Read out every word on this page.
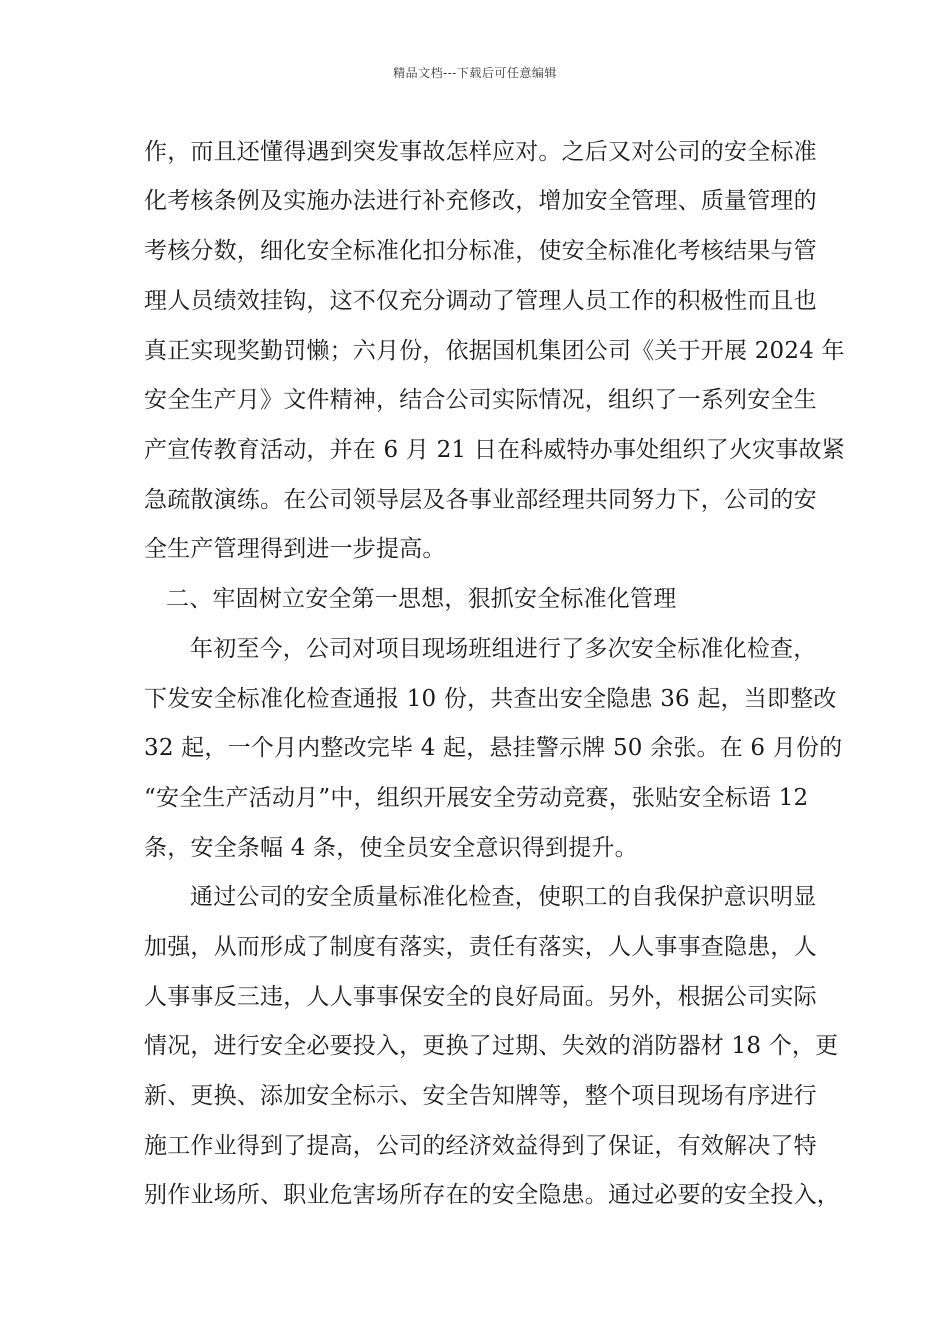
精品文档---下载后可任意编辑
作，而且还懂得遇到突发事故怎样应对。之后又对公司的安全标准
化考核条例及实施办法进行补充修改，增加安全管理、质量管理的
考核分数，细化安全标准化扣分标准，使安全标准化考核结果与管
理人员绩效挂钩，这不仅充分调动了管理人员工作的积极性而且也
真正实现奖勤罚懒；六月份，依据国机集团公司《关于开展 2024 年
安全生产月》文件精神，结合公司实际情况，组织了一系列安全生
产宣传教育活动，并在 6 月 21 日在科威特办事处组织了火灾事故紧
急疏散演练。在公司领导层及各事业部经理共同努力下，公司的安
全生产管理得到进一步提高。
二、牢固树立安全第一思想，狠抓安全标准化管理
年初至今，公司对项目现场班组进行了多次安全标准化检查，
下发安全标准化检查通报 10 份，共查出安全隐患 36 起，当即整改
32 起，一个月内整改完毕 4 起，悬挂警示牌 50 余张。在 6 月份的
“安全生产活动月”中，组织开展安全劳动竞赛，张贴安全标语 12
条，安全条幅 4 条，使全员安全意识得到提升。
通过公司的安全质量标准化检查，使职工的自我保护意识明显
加强，从而形成了制度有落实，责任有落实，人人事事查隐患，人
人事事反三违，人人事事保安全的良好局面。另外，根据公司实际
情况，进行安全必要投入，更换了过期、失效的消防器材 18 个，更
新、更换、添加安全标示、安全告知牌等，整个项目现场有序进行
施工作业得到了提高，公司的经济效益得到了保证，有效解决了特
别作业场所、职业危害场所存在的安全隐患。通过必要的安全投入，
